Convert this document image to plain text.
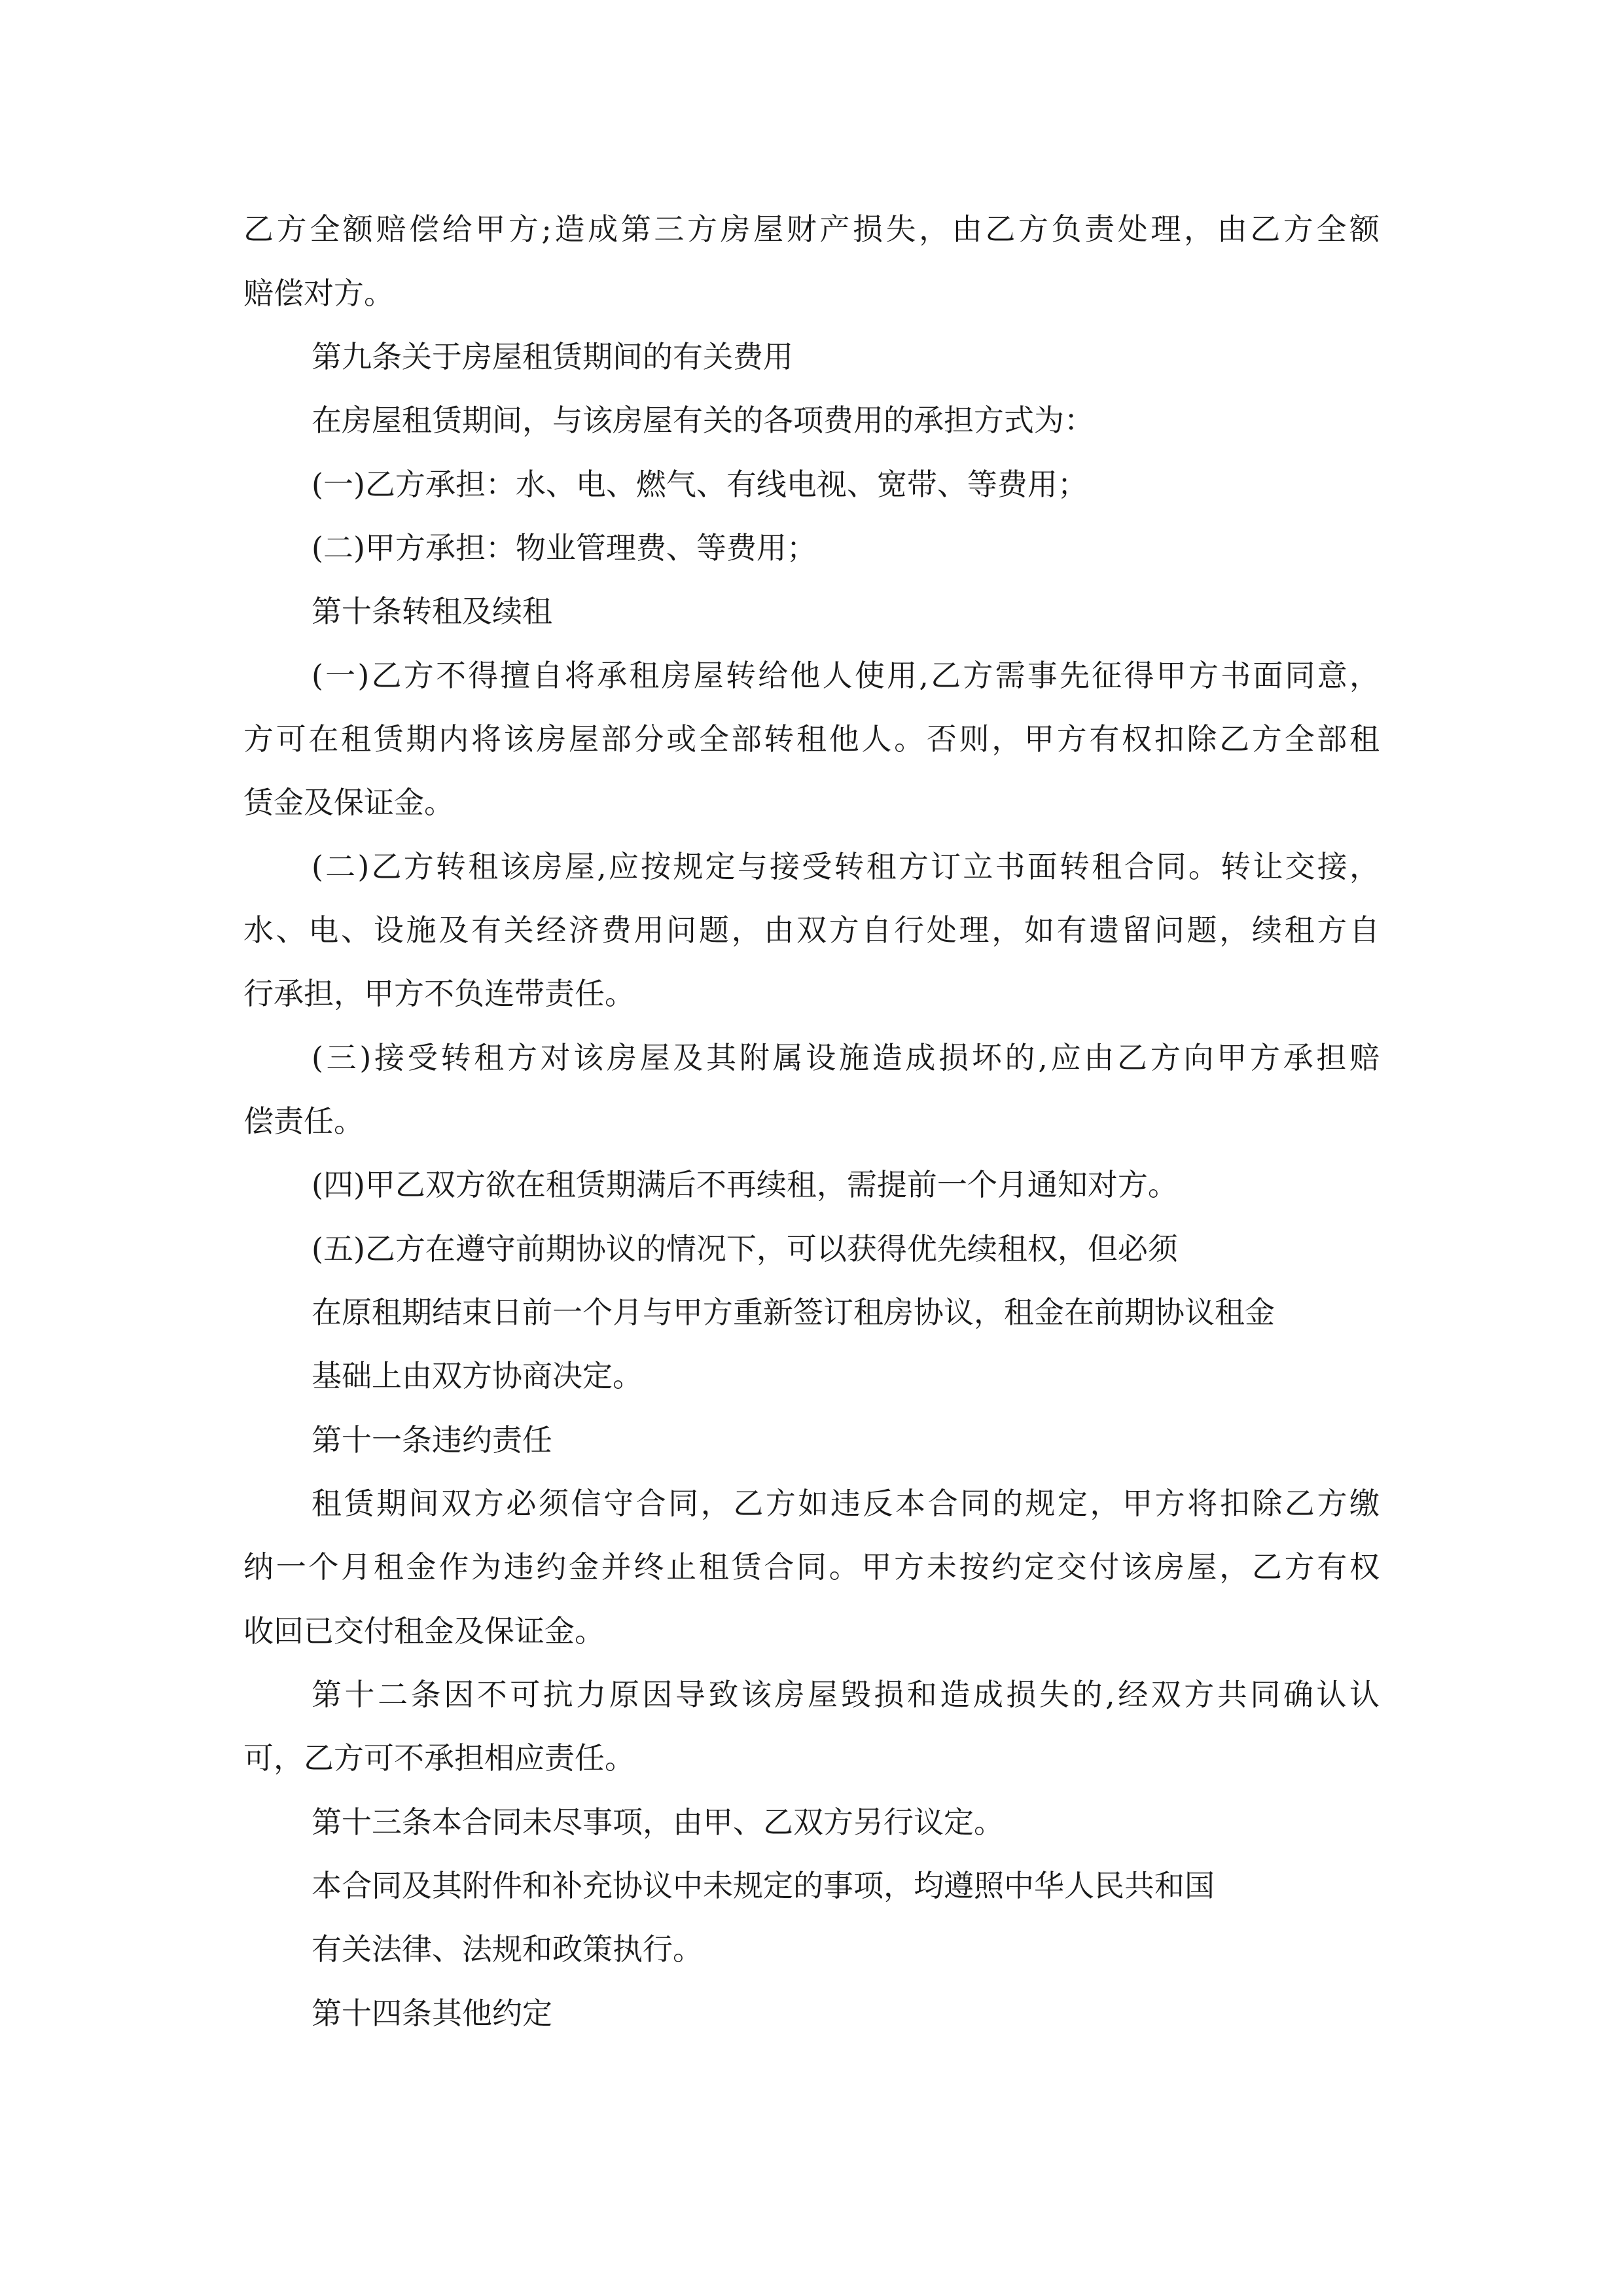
乙方全额赔偿给甲方;造成第三方房屋财产损失，由乙方负责处理，由乙方全额
赔偿对方。
第九条关于房屋租赁期间的有关费用
在房屋租赁期间，与该房屋有关的各项费用的承担方式为：
(一)乙方承担：水、电、燃气、有线电视、宽带、等费用；
(二)甲方承担：物业管理费、等费用；
第十条转租及续租
(一)乙方不得擅自将承租房屋转给他人使用,乙方需事先征得甲方书面同意，
方可在租赁期内将该房屋部分或全部转租他人。否则，甲方有权扣除乙方全部租
赁金及保证金。
(二)乙方转租该房屋,应按规定与接受转租方订立书面转租合同。转让交接，
水、电、设施及有关经济费用问题，由双方自行处理，如有遗留问题，续租方自
行承担，甲方不负连带责任。
(三)接受转租方对该房屋及其附属设施造成损坏的,应由乙方向甲方承担赔
偿责任。
(四)甲乙双方欲在租赁期满后不再续租，需提前一个月通知对方。
(五)乙方在遵守前期协议的情况下，可以获得优先续租权，但必须
在原租期结束日前一个月与甲方重新签订租房协议，租金在前期协议租金
基础上由双方协商决定。
第十一条违约责任
租赁期间双方必须信守合同，乙方如违反本合同的规定，甲方将扣除乙方缴
纳一个月租金作为违约金并终止租赁合同。甲方未按约定交付该房屋，乙方有权
收回已交付租金及保证金。
第十二条因不可抗力原因导致该房屋毁损和造成损失的,经双方共同确认认
可，乙方可不承担相应责任。
第十三条本合同未尽事项，由甲、乙双方另行议定。
本合同及其附件和补充协议中未规定的事项，均遵照中华人民共和国
有关法律、法规和政策执行。
第十四条其他约定
